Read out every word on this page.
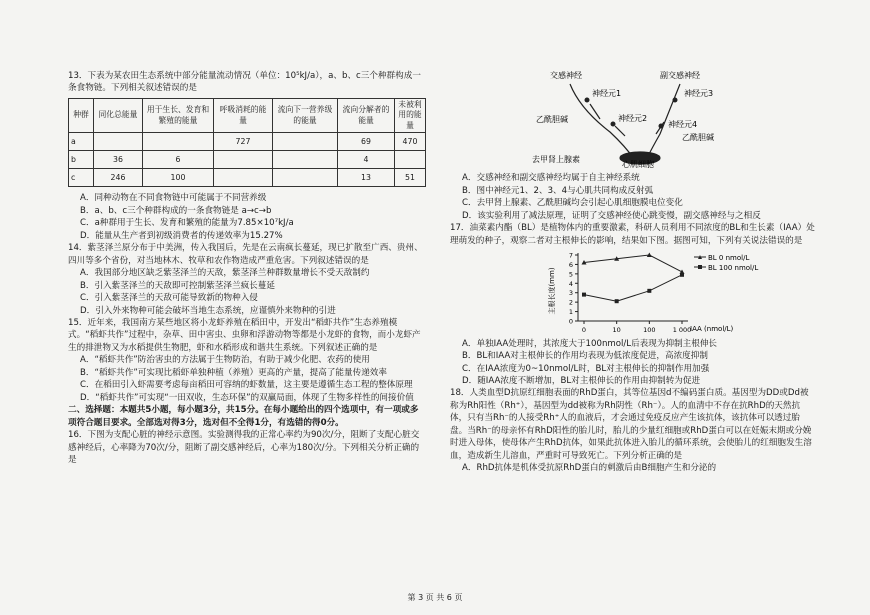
13．下表为某农田生态系统中部分能量流动情况（单位：10⁵kJ/a），a、b、c三个种群构成一条食物链。下列相关叙述错误的是

种群	同化总能量	用于生长、发育和繁殖的能量	呼吸消耗的能量	流向下一营养级的能量	流向分解者的能量	未被利用的能量
a			727		69	470
b	36	6			4	
c	246	100			13	51

A．同种动物在不同食物链中可能属于不同营养级

B．a、b、c三个种群构成的一条食物链是 a→c→b

C．a种群用于生长、发育和繁殖的能量为7.85×10⁷kJ/a

D．能量从生产者到初级消费者的传递效率为15.27%

14．紫茎泽兰原分布于中美洲，传入我国后，先是在云南疯长蔓延，现已扩散至广西、贵州、四川等多个省份，对当地林木、牧草和农作物造成严重危害。下列叙述错误的是

A．我国部分地区缺乏紫茎泽兰的天敌，紫茎泽兰种群数量增长不受天敌制约

B．引入紫茎泽兰的天敌即可控制紫茎泽兰疯长蔓延

C．引入紫茎泽兰的天敌可能导致新的物种入侵

D．引入外来物种可能会破坏当地生态系统，应谨慎外来物种的引进

15．近年来，我国南方某些地区将小龙虾养殖在稻田中，开发出“稻虾共作”生态养殖模式。“稻虾共作”过程中，杂草、田中害虫、虫卵和浮游动物等都是小龙虾的食物，而小龙虾产生的排泄物又为水稻提供生物肥，虾和水稻形成和谐共生系统。下列叙述正确的是

A．“稻虾共作”防治害虫的方法属于生物防治，有助于减少化肥、农药的使用

B．“稻虾共作”可实现比稻虾单独种植（养殖）更高的产量，提高了能量传递效率

C．在稻田引入虾需要考虑每亩稻田可容纳的虾数量，这主要是遵循生态工程的整体原理

D．“稻虾共作”可实现“一田双收，生态环保”的双赢局面，体现了生物多样性的间接价值

二、选择题：本题共5小题，每小题3分，共15分。在每小题给出的四个选项中，有一项或多项符合题目要求。全部选对得3分，选对但不全得1分，有选错的得0分。

16．下图为支配心脏的神经示意图。实验测得我的正常心率约为90次/分，阻断了支配心脏交感神经后，心率降为70次/分，阻断了副交感神经后，心率为180次/分。下列相关分析正确的是

交感神经	副交感神经
神经元1	神经元3
神经元2
神经元4
乙酰胆碱
乙酰胆碱
去甲肾上腺素
心肌细胞

A．交感神经和副交感神经均属于自主神经系统

B．图中神经元1、2、3、4与心肌共同构成反射弧

C．去甲肾上腺素、乙酰胆碱均会引起心肌细胞膜电位变化

D．该实验利用了减法原理，证明了交感神经使心跳变慢，副交感神经与之相反

17．油菜素内酯（BL）是植物体内的重要激素，科研人员利用不同浓度的BL和生长素（IAA）处理萌发的种子，观察二者对主根伸长的影响，结果如下图。据图可知，下列有关说法错误的是

主根长度(mm)
IAA (nmol/L)
0
1
2
3
4
5
6
7
0	10	100	1 000
BL 0 nmol/L
BL 100 nmol/L

A．单独IAA处理时，其浓度大于100nmol/L后表现为抑制主根伸长

B．BL和IAA对主根伸长的作用均表现为低浓度促进，高浓度抑制

C．在IAA浓度为0~10nmol/L时，BL对主根伸长的抑制作用加强

D．随IAA浓度不断增加，BL对主根伸长的作用由抑制转为促进

18．人类血型D抗原红细胞表面的RhD蛋白，其等位基因d不编码蛋白质。基因型为DD或Dd被称为Rh阳性（Rh⁺），基因型为dd被称为Rh阴性（Rh⁻）。人的血清中不存在抗RhD的天然抗体，只有当Rh⁻的人接受Rh⁺人的血液后，才会通过免疫反应产生该抗体，该抗体可以透过胎盘。当Rh⁻的母亲怀有RhD阳性的胎儿时，胎儿的少量红细胞或RhD蛋白可以在妊娠末期或分娩时进入母体，使母体产生RhD抗体，如果此抗体进入胎儿的循环系统，会使胎儿的红细胞发生溶血，造成新生儿溶血，严重时可导致死亡。下列分析正确的是

A．RhD抗体是机体受抗原RhD蛋白的刺激后由B细胞产生和分泌的

第 3 页 共 6 页
